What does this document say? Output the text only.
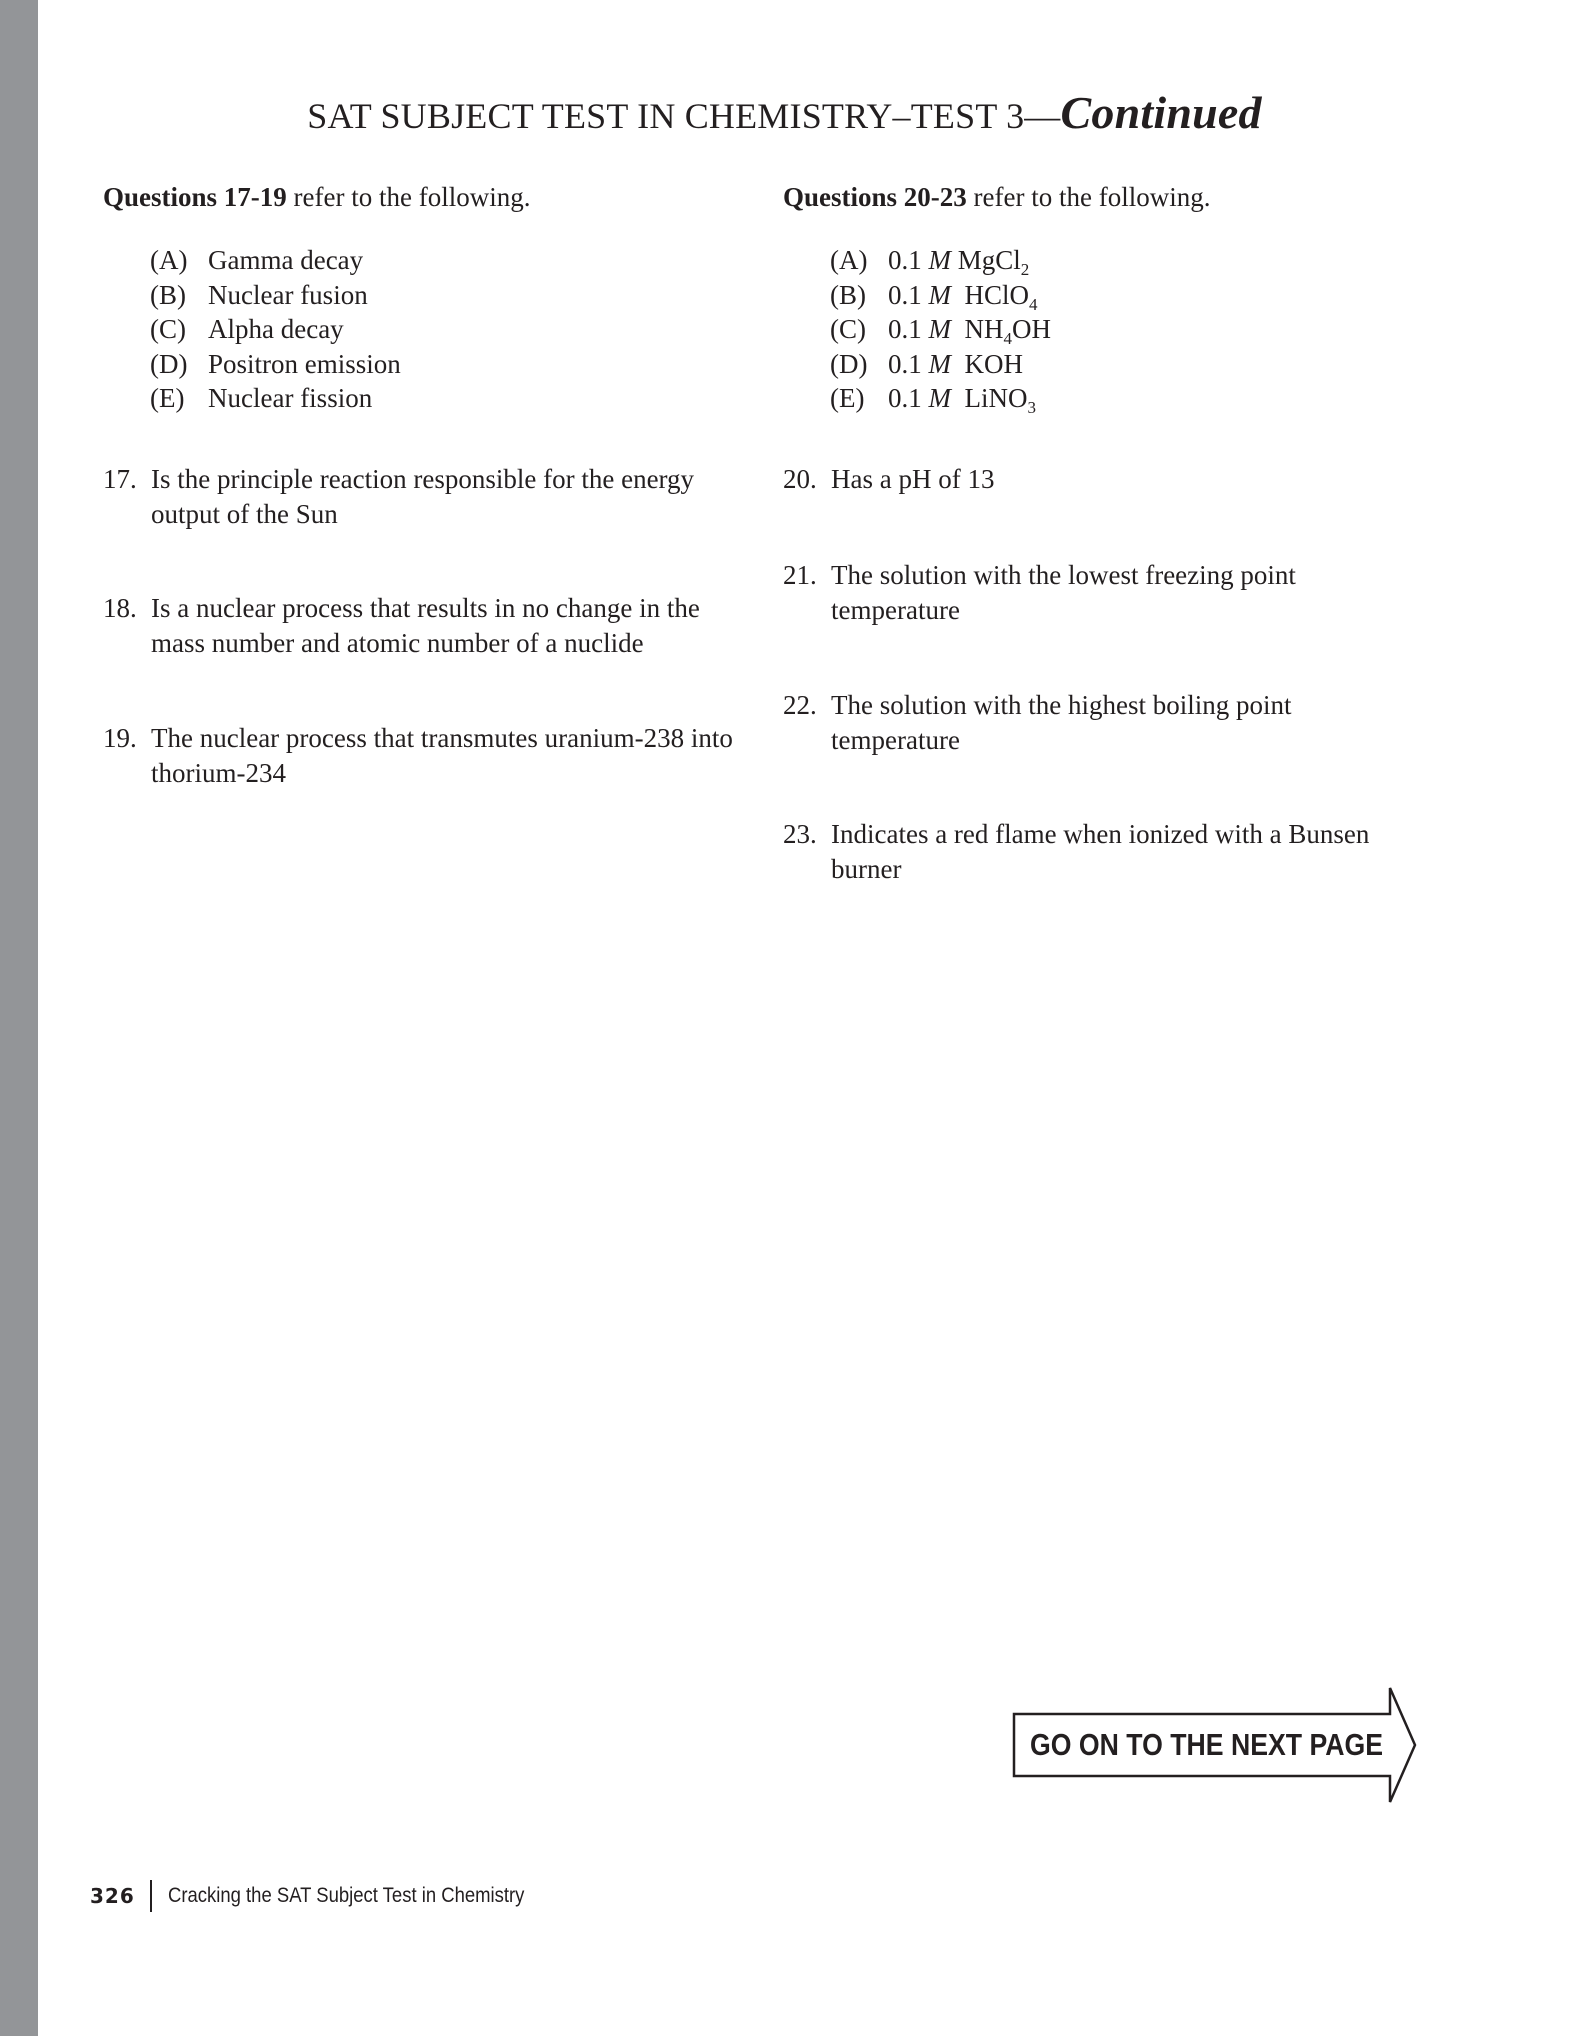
SAT SUBJECT TEST IN CHEMISTRY–TEST 3—Continued

Questions 17-19 refer to the following.

(A) Gamma decay
(B) Nuclear fusion
(C) Alpha decay
(D) Positron emission
(E) Nuclear fission
17. Is the principle reaction responsible for the energy output of the Sun
18. Is a nuclear process that results in no change in the mass number and atomic number of a nuclide
19. The nuclear process that transmutes uranium-238 into thorium-234

Questions 20-23 refer to the following.

(A) 0.1 M MgCl$_2$
(B) 0.1 M HClO$_4$
(C) 0.1 M $NH_4OH$
(D) 0.1 M KOH
(E) 0.1 M LiNO$_3$
20. Has a pH of 13
21. The solution with the lowest freezing point temperature
22. The solution with the highest boiling point temperature
23. Indicates a red flame when ionized with a Bunsen burner
GO ON TO THE NEXT PAGE
326 Cracking the SAT Subject Test in Chemistry
